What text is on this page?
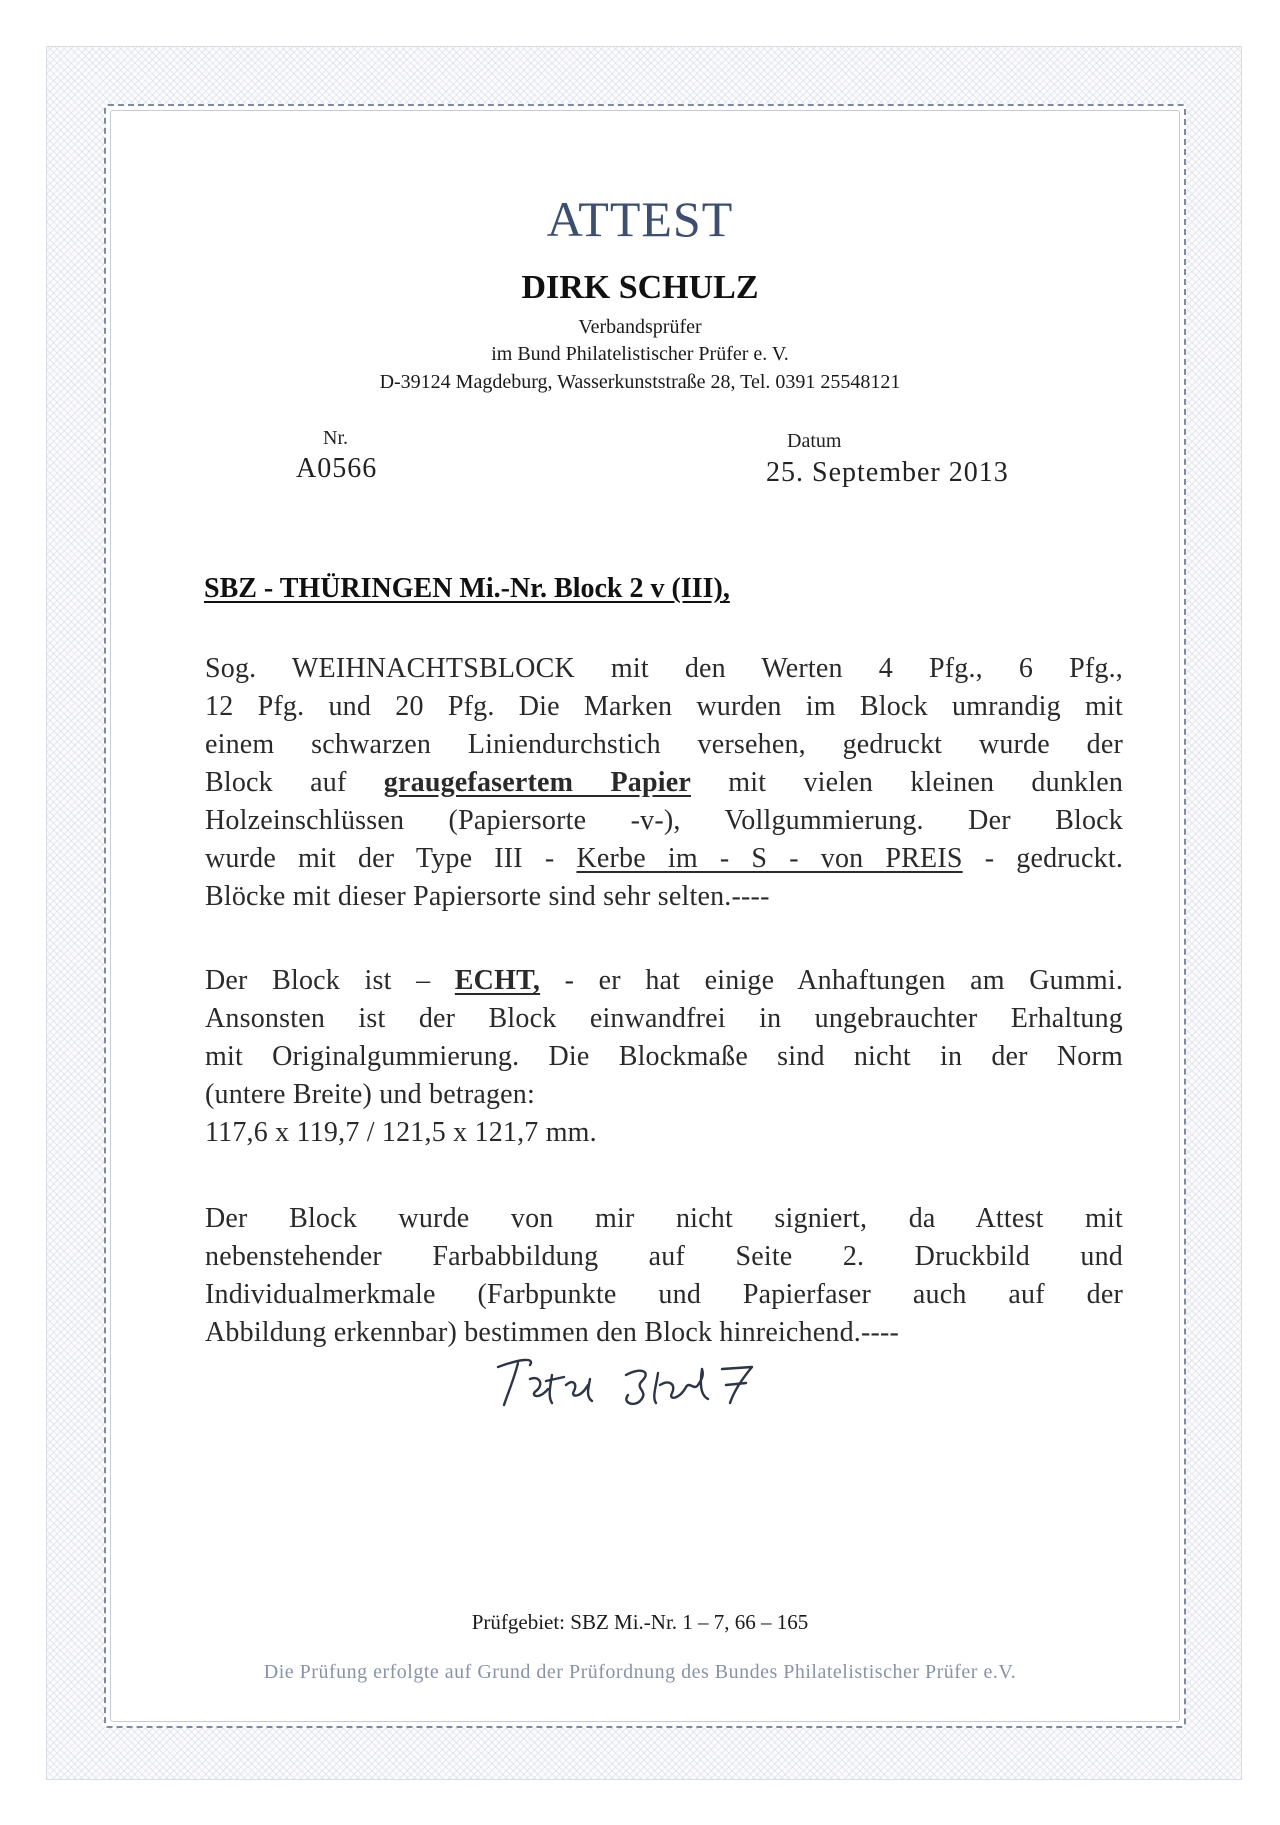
ATTEST
DIRK SCHULZ
Verbandsprüfer
im Bund Philatelistischer Prüfer e. V.
D-39124 Magdeburg, Wasserkunststraße 28, Tel. 0391 25548121
Nr.
A0566
Datum
25. September 2013
SBZ - THÜRINGEN Mi.-Nr. Block 2 v (III),
Sog. WEIHNACHTSBLOCK mit den Werten 4 Pfg., 6 Pfg.,
12 Pfg. und 20 Pfg. Die Marken wurden im Block umrandig mit
einem schwarzen Liniendurchstich versehen, gedruckt wurde der
Block auf graugefasertem Papier mit vielen kleinen dunklen
Holzeinschlüssen (Papiersorte -v-), Vollgummierung. Der Block
wurde mit der Type III - Kerbe im - S - von PREIS - gedruckt.
Blöcke mit dieser Papiersorte sind sehr selten.----
Der Block ist – ECHT, - er hat einige Anhaftungen am Gummi.
Ansonsten ist der Block einwandfrei in ungebrauchter Erhaltung
mit Originalgummierung. Die Blockmaße sind nicht in der Norm
(untere Breite) und betragen:
117,6 x 119,7 / 121,5 x 121,7 mm.
Der Block wurde von mir nicht signiert, da Attest mit
nebenstehender Farbabbildung auf Seite 2. Druckbild und
Individualmerkmale (Farbpunkte und Papierfaser auch auf der
Abbildung erkennbar) bestimmen den Block hinreichend.----
Prüfgebiet: SBZ Mi.-Nr. 1 – 7, 66 – 165
Die Prüfung erfolgte auf Grund der Prüfordnung des Bundes Philatelistischer Prüfer e.V.
